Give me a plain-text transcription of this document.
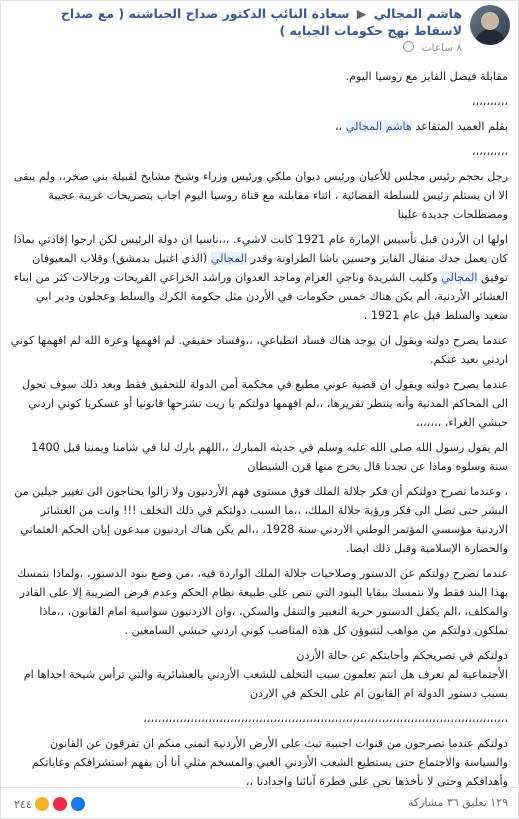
هاشم المجالي ▶ سعادة النائب الدكتور صداح الحباشنه ( مع صداح لاسقاط نهج حكومات الجبايه )
٨ ساعات

مقابلة فيصل الفايز مع روسيا اليوم.

،،،،،،،،،،

بقلم العميد المتقاعد هاشم المجالي ،،

،،،،،،،،،،

رجل بحجم رئيس مجلس للأعيان ورئيس ديوان ملكي ورئيس وزراء وشيخ مشايخ لقبيلة بني صخر،، ولم يبقى الا ان يستلم رئيس للسلطة القضائية ، اثناء مقابلته مع قناة روسيا اليوم اجاب بتصريحات غريبة عجيبة ومصطلحات جديدة علينا

اولها ان الأردن قبل تأسيس الإمارة عام 1921 كانت لاشيء. ،،،ناسيا ان دولة الرئيس لكن ارجوا إفادتي بماذا كان يعمل جدك متقال الفايز وحسين باشا الطراونة وقدر المجالي (الذي اغتيل بدمشق) وقلاب المعيوفان توفيق المجالي وكليب الشريدة وناجي العزام وماجد العدوان وراشد الخزاعي الفريحات ورجالات كثر من ابناء العشائر الأردنية، ألم يكن هناك خمس حكومات في الأردن مثل حكومة الكرك والسلط وعجلون ودير ابي سعيد والسلط قبل عام 1921 .

عندما يصرح دولته ويقول ان يوجد هناك فساد انطباعي، ،،وفساد حقيقي. لم افهمها وعزة الله لم افهمها كوني اردني بعيد عنكم.

عندما يصرح دولته ويقول ان قضية عوني مطيع في محكمة أمن الدولة للتحقيق فقط وبعد ذلك سوف تحول الى المحاكم المدنية وأنه ينتظر تقريرها، ،،لم افهمها دولتكم يا ريت تشرحها قانونيا أو عسكريا كوني اردني حبشي الغراء، ،،،،،،،

الم يقول رسول الله صلى الله عليه وسلم في حديثه المبارك ،،اللهم بارك لنا في شامنا ويمننا قبل 1400 سنة وسلوه وماذا عن نجدنا قال يخرج منها قرن الشيطان

، وعندما تصرح دولتكم أن فكر جلالة الملك فوق مستوى فهم الأردنيون ولا زالوا يحتاجون الى تغيير جيلين من البشر حتى تصل الى فكر ورؤية جلالة الملك، ،،ما السبب دولتكم في ذلك التخلف !!! وانت من العشائر الاردنية مؤسسي المؤتمر الوطني الاردني سنة 1928، ،،الم يكن هناك اردنيون مبدعون إبان الحكم العثماني والحضارة الإسلامية وقبل ذلك ايضا.

عندما تصرح دولتكم عن الدستور وصلاحيات جلالة الملك الواردة فيه، ،من وضع بنود الدستور، ،ولماذا نتمسك بهذا البند فقط ولا نتمسك ببقايا البنود التي تنص على طبيعة نظام الحكم وعدم فرض الضريبة إلا على القادر والمكلف، ،الم يكفل الدستور حرية التعبير والتنقل والسكن، ،وان الاردنيون سواسية امام القانون، ،،ماذا تملكون دولتكم من مواهب لتتبوؤن كل هذه المناصب كوني اردني حبشي السامعين .

دولتكم في تصريحكم وأجابتكم عن حالة الأردن
الأجتماعية لم تعرف هل انتم تعلمون سبب التخلف للشعب الأردني بالعشائرية والتي ترأس شيخة احداها ام بسبب دستور الدولة ام القانون ام على الحكم في الاردن

،،،،،،،،،،،،،،،،،،،،،،،،،،،،،،،،،،،،،،،،،،،،،،،،،،،،،،،،،،،،،،،،،،،،،،،،،،،،،،،،،،،،،،،،،،،،،،،،،،،،،

دولتكم عندما تصرحون من قنوات اجنبية تبث على الأرض الأردنية اتمنى منكم ان تفرقون عن القانون والسياسة والاجتماع حتى يستطيع الشعب الأردني الغبي والمسخم مثلي أنا أن يفهم استشرافكم وغاياتكم وأهدافكم وحتى لا نأخذها نحن على فطرة آبائنا واجدادنا ،،

٢٤٤	١٢٩ تعليق ٣٦ مشاركة
